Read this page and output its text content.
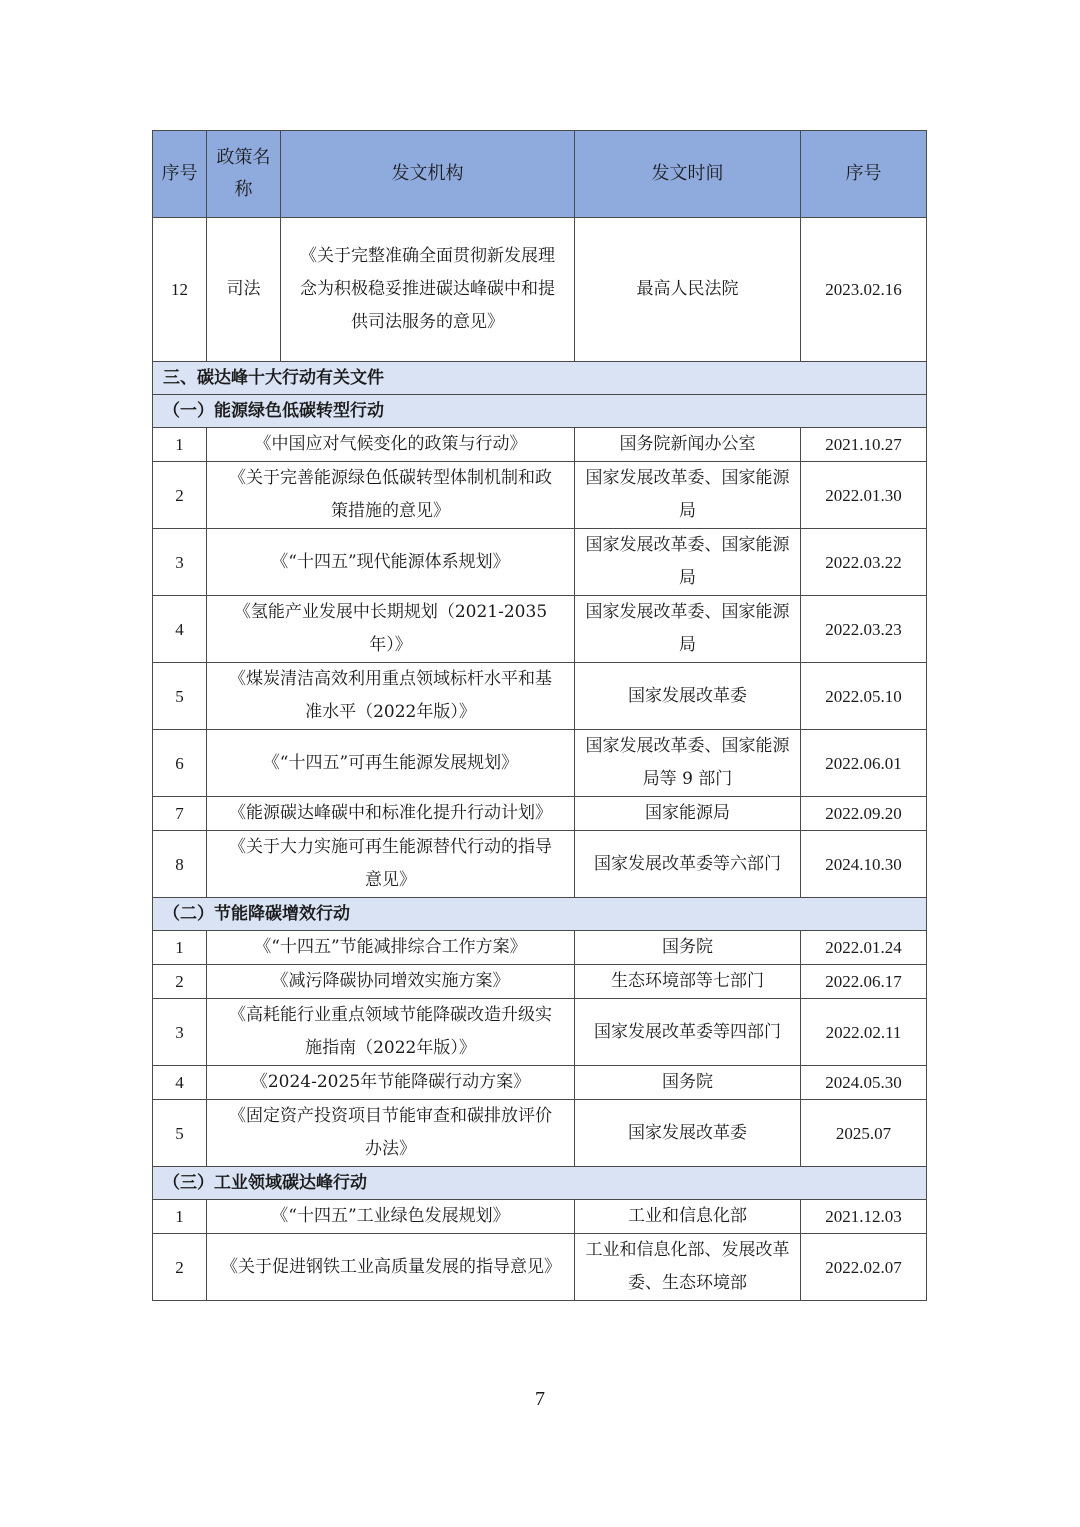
序号	政策名称	发文机构	发文时间	序号
12	司法	《关于完整准确全面贯彻新发展理念为积极稳妥推进碳达峰碳中和提供司法服务的意见》	最高人民法院	2023.02.16
三、碳达峰十大行动有关文件				
（一）能源绿色低碳转型行动				
1	《中国应对气候变化的政策与行动》		国务院新闻办公室	2021.10.27
2	《关于完善能源绿色低碳转型体制机制和政策措施的意见》		国家发展改革委、国家能源局	2022.01.30
3	《“十四五”现代能源体系规划》		国家发展改革委、国家能源局	2022.03.22
4	《氢能产业发展中长期规划（2021-2035年）》		国家发展改革委、国家能源局	2022.03.23
5	《煤炭清洁高效利用重点领域标杆水平和基准水平（2022年版）》		国家发展改革委	2022.05.10
6	《“十四五”可再生能源发展规划》		国家发展改革委、国家能源局等 9 部门	2022.06.01
7	《能源碳达峰碳中和标准化提升行动计划》		国家能源局	2022.09.20
8	《关于大力实施可再生能源替代行动的指导意见》		国家发展改革委等六部门	2024.10.30
（二）节能降碳增效行动				
1	《“十四五”节能减排综合工作方案》		国务院	2022.01.24
2	《减污降碳协同增效实施方案》		生态环境部等七部门	2022.06.17
3	《高耗能行业重点领域节能降碳改造升级实施指南（2022年版）》		国家发展改革委等四部门	2022.02.11
4	《2024-2025年节能降碳行动方案》		国务院	2024.05.30
5	《固定资产投资项目节能审查和碳排放评价办法》		国家发展改革委	2025.07
（三）工业领域碳达峰行动				
1	《“十四五”工业绿色发展规划》		工业和信息化部	2021.12.03
2	《关于促进钢铁工业高质量发展的指导意见》		工业和信息化部、发展改革委、生态环境部	2022.02.07
7
